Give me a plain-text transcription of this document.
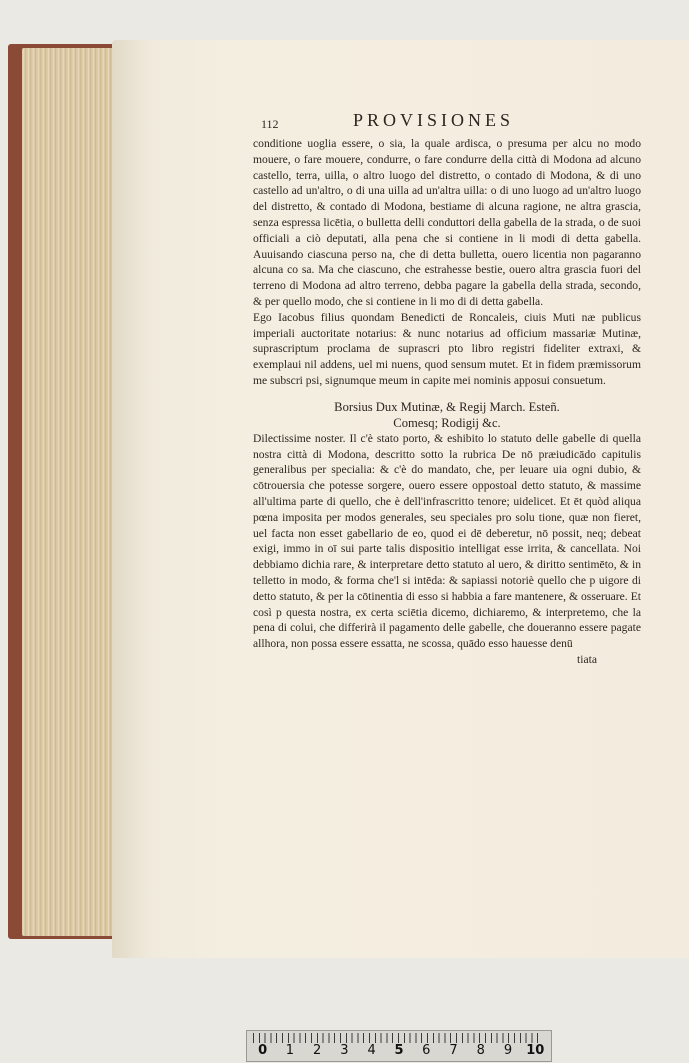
112	PROVISIONES

conditione uoglia essere, o sia, la quale ardisca, o presuma per alcu no modo mouere, o fare mouere, condurre, o fare condurre della città di Modona ad alcuno castello, terra, uilla, o altro luogo del distretto, o contado di Modona, & di uno castello ad un'altro, o di una uilla ad un'altra uilla: o di uno luogo ad un'altro luogo del distretto, & contado di Modona, bestiame di alcuna ragione, ne altra grascia, senza espressa licētia, o bulletta delli conduttori della gabella de la strada, o de suoi officiali a ciò deputati, alla pena che si contiene in li modi di detta gabella. Auuisando ciascuna perso na, che di detta bulletta, ouero licentia non pagaranno alcuna co sa. Ma che ciascuno, che estrahesse bestie, ouero altra grascia fuori del terreno di Modona ad altro terreno, debba pagare la gabella della strada, secondo, & per quello modo, che si contiene in li mo di di detta gabella.

Ego Iacobus filius quondam Benedicti de Roncaleis, ciuis Muti næ publicus imperiali auctoritate notarius: & nunc notarius ad officium massariæ Mutinæ, suprascriptum proclama de suprascri pto libro registri fideliter extraxi, & exemplaui nil addens, uel mi nuens, quod sensum mutet. Et in fidem præmissorum me subscri psi, signumque meum in capite mei nominis apposui consuetum.

Borsius Dux Mutinæ, & Regij March. Esteñ.

Comesq; Rodigij &c.

Dilectissime noster. Il c'è stato porto, & eshibito lo statuto delle gabelle di quella nostra città di Modona, descritto sotto la rubrica De nō præiudicādo capitulis generalibus per specialia: & c'è do mandato, che, per leuare uia ogni dubio, & cōtrouersia che potesse sorgere, ouero essere oppostoal detto statuto, & massime all'ultima parte di quello, che è dell'infrascritto tenore; uidelicet. Et ēt quòd aliqua pœna imposita per modos generales, seu speciales pro solu tione, quæ non fieret, uel facta non esset gabellario de eo, quod ei dē deberetur, nō possit, neq; debeat exigi, immo in oī sui parte talis dispositio intelligat esse irrita, & cancellata. Noi debbiamo dichia rare, & interpretare detto statuto al uero, & diritto sentimēto, & in telletto in modo, & forma che'l si intēda: & sapiassi notoriè quello che p uigore di detto statuto, & per la cōtinentia di esso si habbia a fare mantenere, & osseruare. Et così p questa nostra, ex certa sciētia dicemo, dichiaremo, & interpretemo, che la pena di colui, che differirà il pagamento delle gabelle, che doueranno essere pagate allhora, non possa essere essatta, ne scossa, quādo esso hauesse denū

tiata

0	1	2	3	4	5	6	7	8	9	10
